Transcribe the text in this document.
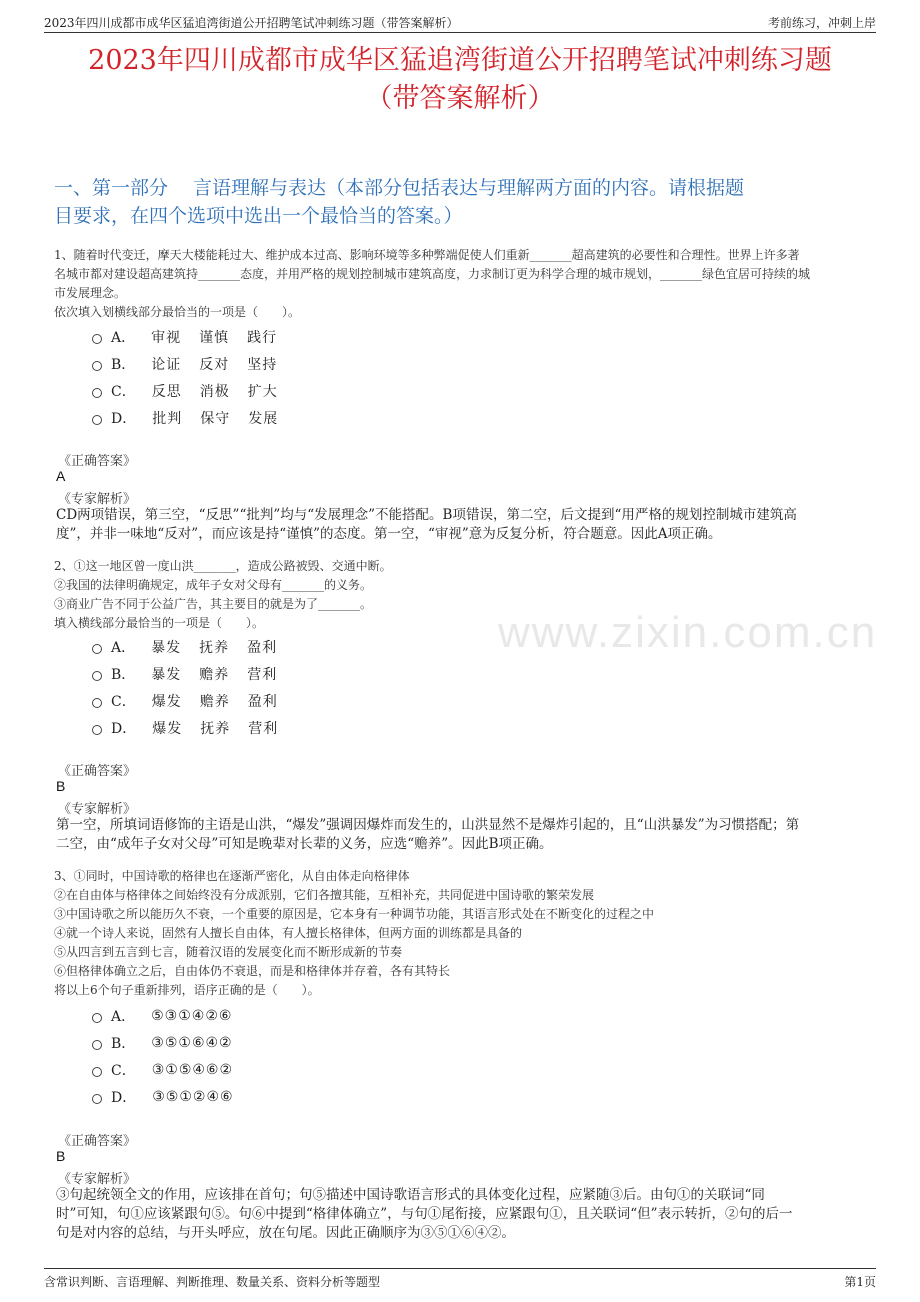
2023年四川成都市成华区猛追湾街道公开招聘笔试冲刺练习题（带答案解析）	考前练习，冲刺上岸
2023年四川成都市成华区猛追湾街道公开招聘笔试冲刺练习题
（带答案解析）
一、第一部分　 言语理解与表达（本部分包括表达与理解两方面的内容。请根据题
目要求，在四个选项中选出一个最恰当的答案。）
www.zixin.com.cn

1、随着时代变迁，摩天大楼能耗过大、维护成本过高、影响环境等多种弊端促使人们重新_______超高建筑的必要性和合理性。世界上许多著

名城市都对建设超高建筑持_______态度，并用严格的规划控制城市建筑高度，力求制订更为科学合理的城市规划，_______绿色宜居可持续的城

市发展理念。

依次填入划横线部分最恰当的一项是（　　）。

A． 审视 谨慎 践行
B． 论证 反对 坚持
C． 反思 消极 扩大
D． 批判 保守 发展
《正确答案》
A
《专家解析》
CD两项错误，第三空，“反思”“批判”均与“发展理念”不能搭配。B项错误，第二空，后文提到“用严格的规划控制城市建筑高
度”，并非一味地“反对”，而应该是持“谨慎”的态度。第一空，“审视”意为反复分析，符合题意。因此A项正确。

2、①这一地区曾一度山洪_______，造成公路被毁、交通中断。

②我国的法律明确规定，成年子女对父母有_______的义务。

③商业广告不同于公益广告，其主要目的就是为了_______。

填入横线部分最恰当的一项是（　　）。

A． 暴发 抚养 盈利
B． 暴发 赡养 营利
C． 爆发 赡养 盈利
D． 爆发 抚养 营利
《正确答案》
B
《专家解析》
第一空，所填词语修饰的主语是山洪，“爆发”强调因爆炸而发生的，山洪显然不是爆炸引起的，且“山洪暴发”为习惯搭配；第
二空，由“成年子女对父母”可知是晚辈对长辈的义务，应选“赡养”。因此B项正确。

3、①同时，中国诗歌的格律也在逐渐严密化，从自由体走向格律体

②在自由体与格律体之间始终没有分成派别，它们各擅其能，互相补充，共同促进中国诗歌的繁荣发展

③中国诗歌之所以能历久不衰，一个重要的原因是，它本身有一种调节功能，其语言形式处在不断变化的过程之中

④就一个诗人来说，固然有人擅长自由体，有人擅长格律体，但两方面的训练都是具备的

⑤从四言到五言到七言，随着汉语的发展变化而不断形成新的节奏

⑥但格律体确立之后，自由体仍不衰退，而是和格律体并存着，各有其特长

将以上6个句子重新排列，语序正确的是（　　）。

A． ⑤③①④②⑥
B． ③⑤①⑥④②
C． ③①⑤④⑥②
D． ③⑤①②④⑥
《正确答案》
B
《专家解析》
③句起统领全文的作用，应该排在首句；句⑤描述中国诗歌语言形式的具体变化过程，应紧随③后。由句①的关联词“同
时”可知，句①应该紧跟句⑤。句⑥中提到“格律体确立”，与句①尾衔接，应紧跟句①，且关联词“但”表示转折，②句的后一
句是对内容的总结，与开头呼应，放在句尾。因此正确顺序为③⑤①⑥④②。
含常识判断、言语理解、判断推理、数量关系、资料分析等题型	第1页
